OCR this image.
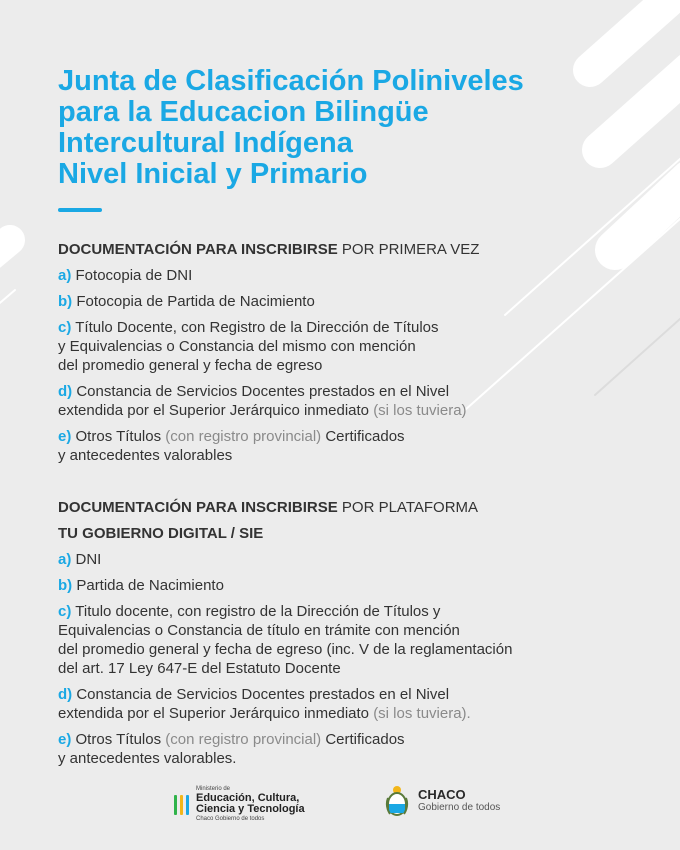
Junta de Clasificación Poliniveles
para la Educacion Bilingüe
Intercultural Indígena
Nivel Inicial y Primario
DOCUMENTACIÓN PARA INSCRIBIRSE POR PRIMERA VEZ
a) Fotocopia de DNI
b) Fotocopia de Partida de Nacimiento
c) Título Docente, con Registro de la Dirección de Títulos
y Equivalencias o Constancia del mismo con mención
del promedio general y fecha de egreso
d) Constancia de Servicios Docentes prestados en el Nivel
extendida por el Superior Jerárquico inmediato (si los tuviera)
e) Otros Títulos (con registro provincial) Certificados
y antecedentes valorables
DOCUMENTACIÓN PARA INSCRIBIRSE POR PLATAFORMA
TU GOBIERNO DIGITAL / SIE
a) DNI
b) Partida de Nacimiento
c) Titulo docente, con registro de la Dirección de Títulos y
Equivalencias o Constancia de título en trámite con mención
del promedio general y fecha de egreso (inc. V de la reglamentación
del art. 17 Ley 647-E del Estatuto Docente
d) Constancia de Servicios Docentes prestados en el Nivel
extendida por el Superior Jerárquico inmediato (si los tuviera).
e) Otros Títulos (con registro provincial) Certificados
y antecedentes valorables.
Ministerio de
Educación, Cultura,
Ciencia y Tecnología
Chaco Gobierno de todos
CHACO
Gobierno de todos
